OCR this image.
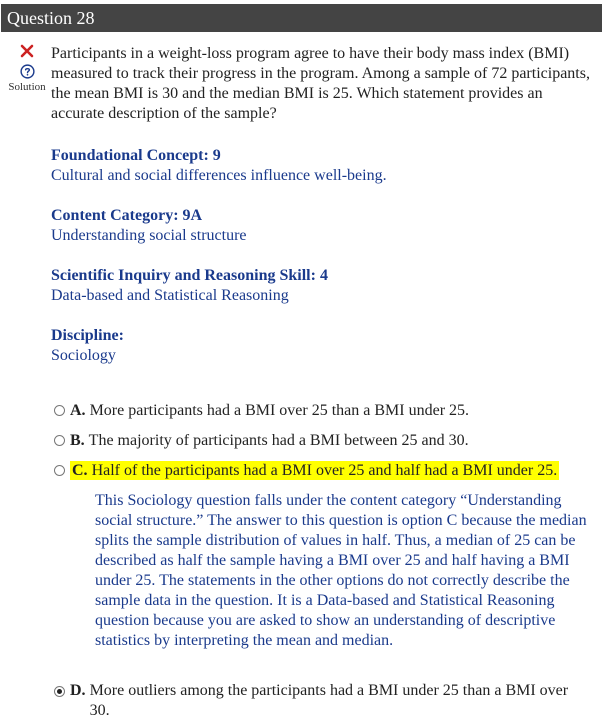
Question 28
Solution
Participants in a weight-loss program agree to have their body mass index (BMI) measured to track their progress in the program. Among a sample of 72 participants, the mean BMI is 30 and the median BMI is 25. Which statement provides an accurate description of the sample?
Foundational Concept: 9
Cultural and social differences influence well-being.
Content Category: 9A
Understanding social structure
Scientific Inquiry and Reasoning Skill: 4
Data-based and Statistical Reasoning
Discipline:
Sociology
A. More participants had a BMI over 25 than a BMI under 25.
B. The majority of participants had a BMI between 25 and 30.
C. Half of the participants had a BMI over 25 and half had a BMI under 25.
This Sociology question falls under the content category “Understanding social structure.” The answer to this question is option C because the median splits the sample distribution of values in half. Thus, a median of 25 can be described as half the sample having a BMI over 25 and half having a BMI under 25. The statements in the other options do not correctly describe the sample data in the question. It is a Data-based and Statistical Reasoning question because you are asked to show an understanding of descriptive statistics by interpreting the mean and median.
D. More outliers among the participants had a BMI under 25 than a BMI over 30.
